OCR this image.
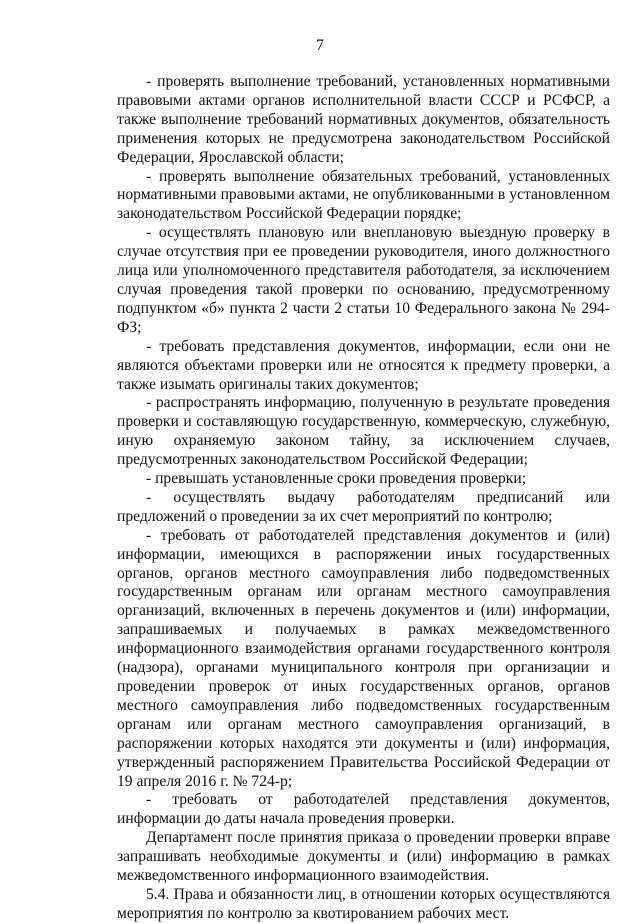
7

- проверять выполнение требований, установленных нормативными правовыми актами органов исполнительной власти СССР и РСФСР, а также выполнение требований нормативных документов, обязательность применения которых не предусмотрена законодательством Российской Федерации, Ярославской области;

- проверять выполнение обязательных требований, установленных нормативными правовыми актами, не опубликованными в установленном законодательством Российской Федерации порядке;

- осуществлять плановую или внеплановую выездную проверку в случае отсутствия при ее проведении руководителя, иного должностного лица или уполномоченного представителя работодателя, за исключением случая проведения такой проверки по основанию, предусмотренному подпунктом «б» пункта 2 части 2 статьи 10 Федерального закона № 294-ФЗ;

- требовать представления документов, информации, если они не являются объектами проверки или не относятся к предмету проверки, а также изымать оригиналы таких документов;

- распространять информацию, полученную в результате проведения проверки и составляющую государственную, коммерческую, служебную, иную охраняемую законом тайну, за исключением случаев, предусмотренных законодательством Российской Федерации;

- превышать установленные сроки проведения проверки;

- осуществлять выдачу работодателям предписаний или предложений о проведении за их счет мероприятий по контролю;

- требовать от работодателей представления документов и (или) информации, имеющихся в распоряжении иных государственных органов, органов местного самоуправления либо подведомственных государственным органам или органам местного самоуправления организаций, включенных в перечень документов и (или) информации, запрашиваемых и получаемых в рамках межведомственного информационного взаимодействия органами государственного контроля (надзора), органами муниципального контроля при организации и проведении проверок от иных государственных органов, органов местного самоуправления либо подведомственных государственным органам или органам местного самоуправления организаций, в распоряжении которых находятся эти документы и (или) информация, утвержденный распоряжением Правительства Российской Федерации от 19 апреля 2016 г. № 724-р;

- требовать от работодателей представления документов, информации до даты начала проведения проверки.

Департамент после принятия приказа о проведении проверки вправе запрашивать необходимые документы и (или) информацию в рамках межведомственного информационного взаимодействия.

5.4. Права и обязанности лиц, в отношении которых осуществляются мероприятия по контролю за квотированием рабочих мест.
